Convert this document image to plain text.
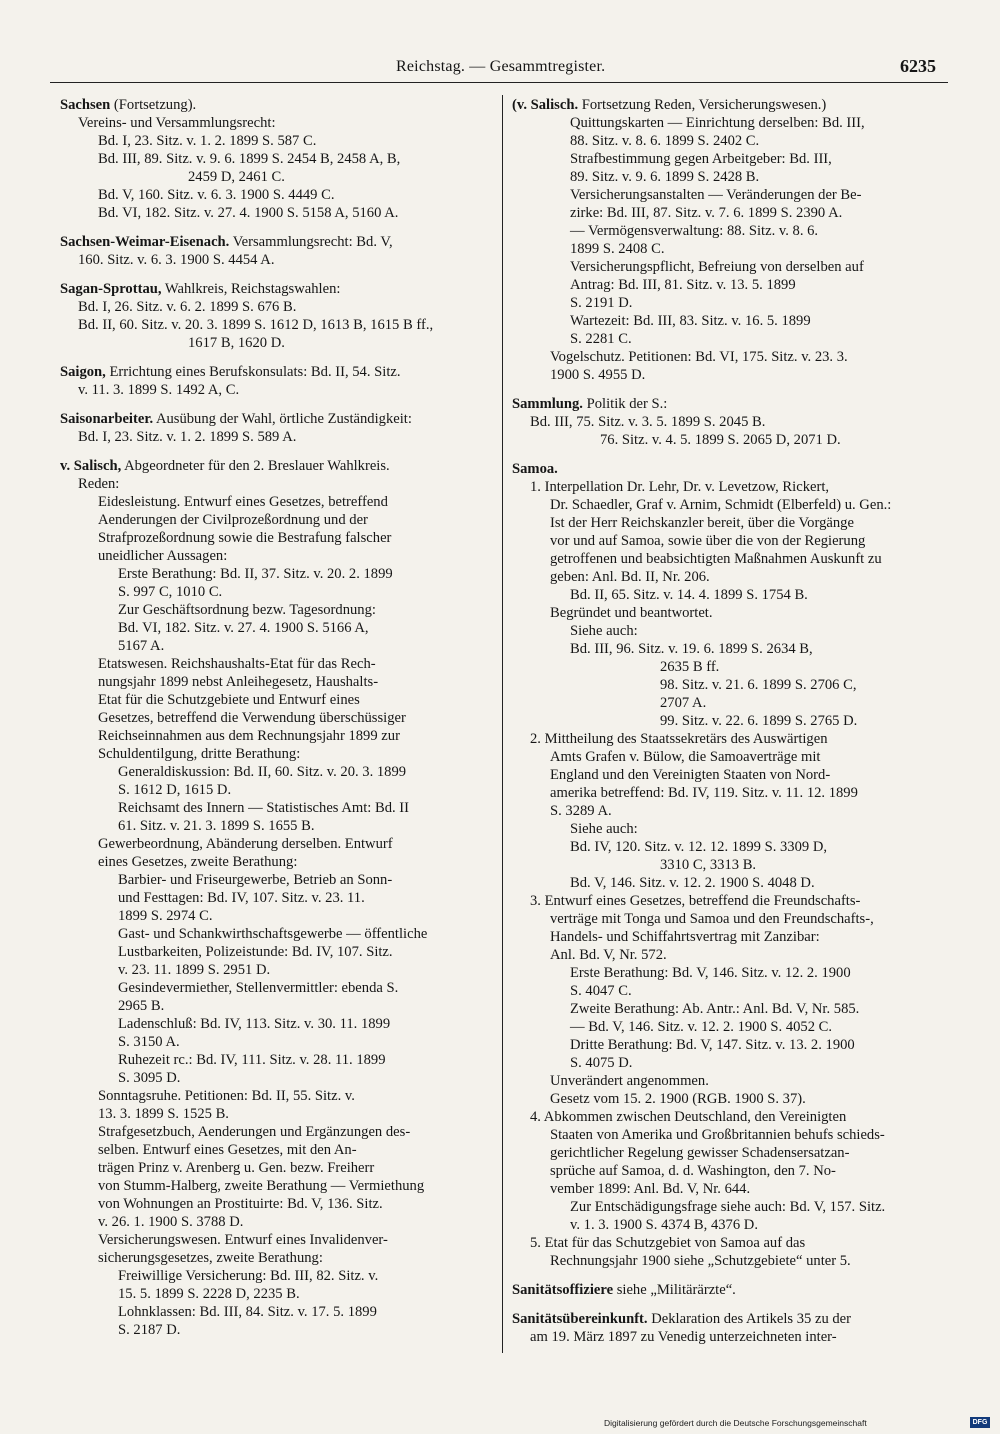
Reichstag. — Gesammtregister.	6235
Sachsen (Fortsetzung).
Vereins- und Versammlungsrecht:
Bd. I, 23. Sitz. v. 1. 2. 1899 S. 587 C.
Bd. III, 89. Sitz. v. 9. 6. 1899 S. 2454 B, 2458 A, B,
2459 D, 2461 C.
Bd. V, 160. Sitz. v. 6. 3. 1900 S. 4449 C.
Bd. VI, 182. Sitz. v. 27. 4. 1900 S. 5158 A, 5160 A.
Sachsen-Weimar-Eisenach. Versammlungsrecht: Bd. V,
160. Sitz. v. 6. 3. 1900 S. 4454 A.
Sagan-Sprottau, Wahlkreis, Reichstagswahlen:
Bd. I, 26. Sitz. v. 6. 2. 1899 S. 676 B.
Bd. II, 60. Sitz. v. 20. 3. 1899 S. 1612 D, 1613 B, 1615 B ff.,
1617 B, 1620 D.
Saigon, Errichtung eines Berufskonsulats: Bd. II, 54. Sitz.
v. 11. 3. 1899 S. 1492 A, C.
Saisonarbeiter. Ausübung der Wahl, örtliche Zuständigkeit:
Bd. I, 23. Sitz. v. 1. 2. 1899 S. 589 A.
v. Salisch, Abgeordneter für den 2. Breslauer Wahlkreis.
Reden:
Eidesleistung. Entwurf eines Gesetzes, betreffend
Aenderungen der Civilprozeßordnung und der
Strafprozeßordnung sowie die Bestrafung falscher
uneidlicher Aussagen:
Erste Berathung: Bd. II, 37. Sitz. v. 20. 2. 1899
S. 997 C, 1010 C.
Zur Geschäftsordnung bezw. Tagesordnung:
Bd. VI, 182. Sitz. v. 27. 4. 1900 S. 5166 A,
5167 A.
Etatswesen. Reichshaushalts-Etat für das Rech-
nungsjahr 1899 nebst Anleihegesetz, Haushalts-
Etat für die Schutzgebiete und Entwurf eines
Gesetzes, betreffend die Verwendung überschüssiger
Reichseinnahmen aus dem Rechnungsjahr 1899 zur
Schuldentilgung, dritte Berathung:
Generaldiskussion: Bd. II, 60. Sitz. v. 20. 3. 1899
S. 1612 D, 1615 D.
Reichsamt des Innern — Statistisches Amt: Bd. II
61. Sitz. v. 21. 3. 1899 S. 1655 B.
Gewerbeordnung, Abänderung derselben. Entwurf
eines Gesetzes, zweite Berathung:
Barbier- und Friseurgewerbe, Betrieb an Sonn-
und Festtagen: Bd. IV, 107. Sitz. v. 23. 11.
1899 S. 2974 C.
Gast- und Schankwirthschaftsgewerbe — öffentliche
Lustbarkeiten, Polizeistunde: Bd. IV, 107. Sitz.
v. 23. 11. 1899 S. 2951 D.
Gesindevermiether, Stellenvermittler: ebenda S.
2965 B.
Ladenschluß: Bd. IV, 113. Sitz. v. 30. 11. 1899
S. 3150 A.
Ruhezeit rc.: Bd. IV, 111. Sitz. v. 28. 11. 1899
S. 3095 D.
Sonntagsruhe. Petitionen: Bd. II, 55. Sitz. v.
13. 3. 1899 S. 1525 B.
Strafgesetzbuch, Aenderungen und Ergänzungen des-
selben. Entwurf eines Gesetzes, mit den An-
trägen Prinz v. Arenberg u. Gen. bezw. Freiherr
von Stumm-Halberg, zweite Berathung — Vermiethung
von Wohnungen an Prostituirte: Bd. V, 136. Sitz.
v. 26. 1. 1900 S. 3788 D.
Versicherungswesen. Entwurf eines Invalidenver-
sicherungsgesetzes, zweite Berathung:
Freiwillige Versicherung: Bd. III, 82. Sitz. v.
15. 5. 1899 S. 2228 D, 2235 B.
Lohnklassen: Bd. III, 84. Sitz. v. 17. 5. 1899
S. 2187 D.
(v. Salisch. Fortsetzung Reden, Versicherungswesen.)
Quittungskarten — Einrichtung derselben: Bd. III,
88. Sitz. v. 8. 6. 1899 S. 2402 C.
Strafbestimmung gegen Arbeitgeber: Bd. III,
89. Sitz. v. 9. 6. 1899 S. 2428 B.
Versicherungsanstalten — Veränderungen der Be-
zirke: Bd. III, 87. Sitz. v. 7. 6. 1899 S. 2390 A.
— Vermögensverwaltung: 88. Sitz. v. 8. 6.
1899 S. 2408 C.
Versicherungspflicht, Befreiung von derselben auf
Antrag: Bd. III, 81. Sitz. v. 13. 5. 1899
S. 2191 D.
Wartezeit: Bd. III, 83. Sitz. v. 16. 5. 1899
S. 2281 C.
Vogelschutz. Petitionen: Bd. VI, 175. Sitz. v. 23. 3.
1900 S. 4955 D.
Sammlung. Politik der S.:
Bd. III, 75. Sitz. v. 3. 5. 1899 S. 2045 B.
76. Sitz. v. 4. 5. 1899 S. 2065 D, 2071 D.
Samoa.
1. Interpellation Dr. Lehr, Dr. v. Levetzow, Rickert,
Dr. Schaedler, Graf v. Arnim, Schmidt (Elberfeld) u. Gen.:
Ist der Herr Reichskanzler bereit, über die Vorgänge
vor und auf Samoa, sowie über die von der Regierung
getroffenen und beabsichtigten Maßnahmen Auskunft zu
geben: Anl. Bd. II, Nr. 206.
Bd. II, 65. Sitz. v. 14. 4. 1899 S. 1754 B.
Begründet und beantwortet.
Siehe auch:
Bd. III, 96. Sitz. v. 19. 6. 1899 S. 2634 B,
2635 B ff.
98. Sitz. v. 21. 6. 1899 S. 2706 C,
2707 A.
99. Sitz. v. 22. 6. 1899 S. 2765 D.
2. Mittheilung des Staatssekretärs des Auswärtigen
Amts Grafen v. Bülow, die Samoaverträge mit
England und den Vereinigten Staaten von Nord-
amerika betreffend: Bd. IV, 119. Sitz. v. 11. 12. 1899
S. 3289 A.
Siehe auch:
Bd. IV, 120. Sitz. v. 12. 12. 1899 S. 3309 D,
3310 C, 3313 B.
Bd. V, 146. Sitz. v. 12. 2. 1900 S. 4048 D.
3. Entwurf eines Gesetzes, betreffend die Freundschafts-
verträge mit Tonga und Samoa und den Freundschafts-,
Handels- und Schiffahrtsvertrag mit Zanzibar:
Anl. Bd. V, Nr. 572.
Erste Berathung: Bd. V, 146. Sitz. v. 12. 2. 1900
S. 4047 C.
Zweite Berathung: Ab. Antr.: Anl. Bd. V, Nr. 585.
— Bd. V, 146. Sitz. v. 12. 2. 1900 S. 4052 C.
Dritte Berathung: Bd. V, 147. Sitz. v. 13. 2. 1900
S. 4075 D.
Unverändert angenommen.
Gesetz vom 15. 2. 1900 (RGB. 1900 S. 37).
4. Abkommen zwischen Deutschland, den Vereinigten
Staaten von Amerika und Großbritannien behufs schieds-
gerichtlicher Regelung gewisser Schadensersatzan-
sprüche auf Samoa, d. d. Washington, den 7. No-
vember 1899: Anl. Bd. V, Nr. 644.
Zur Entschädigungsfrage siehe auch: Bd. V, 157. Sitz.
v. 1. 3. 1900 S. 4374 B, 4376 D.
5. Etat für das Schutzgebiet von Samoa auf das
Rechnungsjahr 1900 siehe „Schutzgebiete“ unter 5.
Sanitätsoffiziere siehe „Militärärzte“.
Sanitätsübereinkunft. Deklaration des Artikels 35 zu der
am 19. März 1897 zu Venedig unterzeichneten inter-
Digitalisierung gefördert durch die Deutsche Forschungsgemeinschaft	DFG
